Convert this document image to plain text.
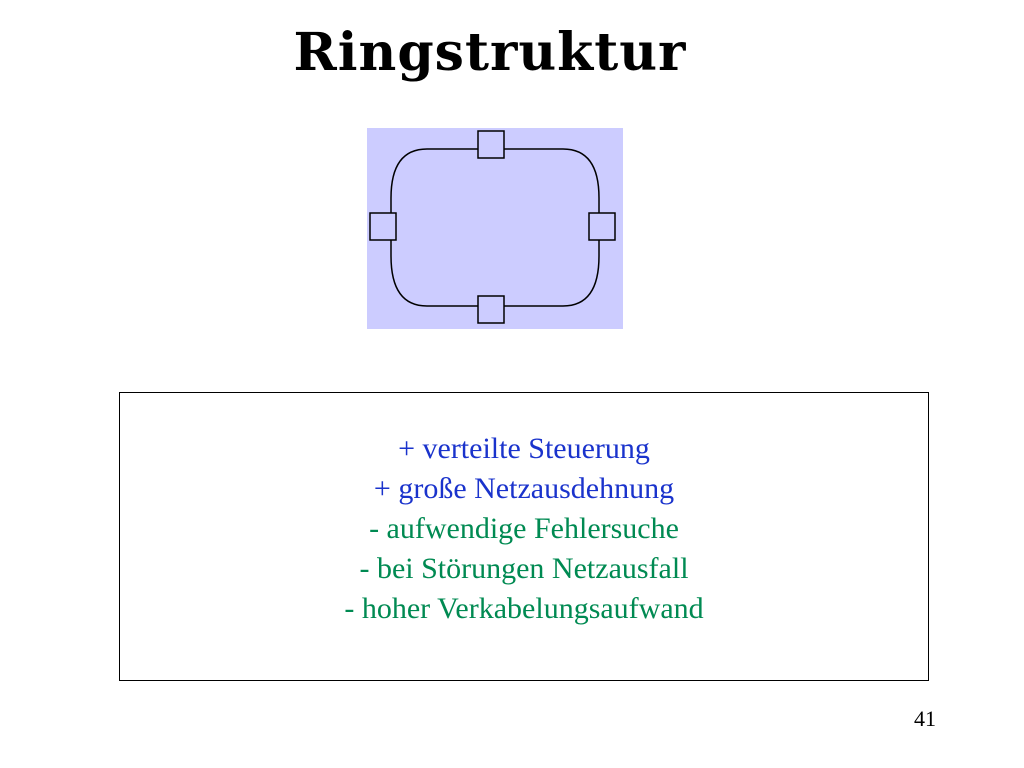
Ringstruktur
+ verteilte Steuerung
+ große Netzausdehnung
- aufwendige Fehlersuche
- bei Störungen Netzausfall
- hoher Verkabelungsaufwand
41
